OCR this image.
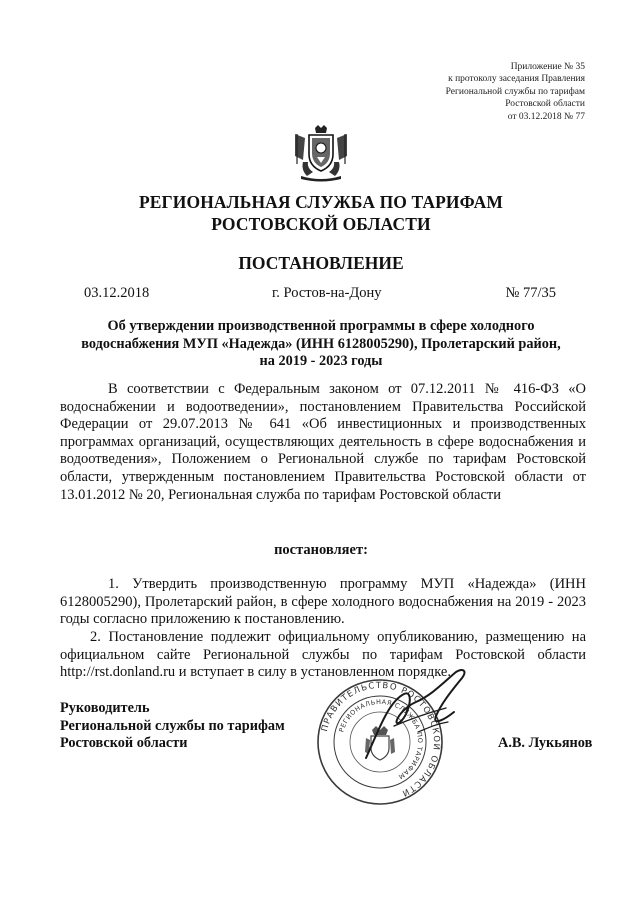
Приложение № 35
к протоколу заседания Правления
Региональной службы по тарифам
Ростовской области
от 03.12.2018 № 77
РЕГИОНАЛЬНАЯ СЛУЖБА ПО ТАРИФАМ
РОСТОВСКОЙ ОБЛАСТИ
ПОСТАНОВЛЕНИЕ
03.12.2018	г. Ростов-на-Дону	№ 77/35
Об утверждении производственной программы в сфере холодного
водоснабжения МУП «Надежда» (ИНН 6128005290), Пролетарский район,
на 2019 - 2023 годы
В соответствии с Федеральным законом от 07.12.2011 № 416-ФЗ «О водоснабжении и водоотведении», постановлением Правительства Российской Федерации от 29.07.2013 № 641 «Об инвестиционных и производственных программах организаций, осуществляющих деятельность в сфере водоснабжения и водоотведения», Положением о Региональной службе по тарифам Ростовской области, утвержденным постановлением Правительства Ростовской области от 13.01.2012 № 20, Региональная служба по тарифам Ростовской области
постановляет:
1. Утвердить производственную программу МУП «Надежда» (ИНН 6128005290), Пролетарский район, в сфере холодного водоснабжения на 2019 - 2023 годы согласно приложению к постановлению.
2. Постановление подлежит официальному опубликованию, размещению на официальном сайте Региональной службы по тарифам Ростовской области http://rst.donland.ru и вступает в силу в установленном порядке.
Руководитель
Региональной службы по тарифам
Ростовской области
ПРАВИТЕЛЬСТВО РОСТОВСКОЙ ОБЛАСТИ
РЕГИОНАЛЬНАЯ СЛУЖБА ПО ТАРИФАМ
А.В. Лукьянов
